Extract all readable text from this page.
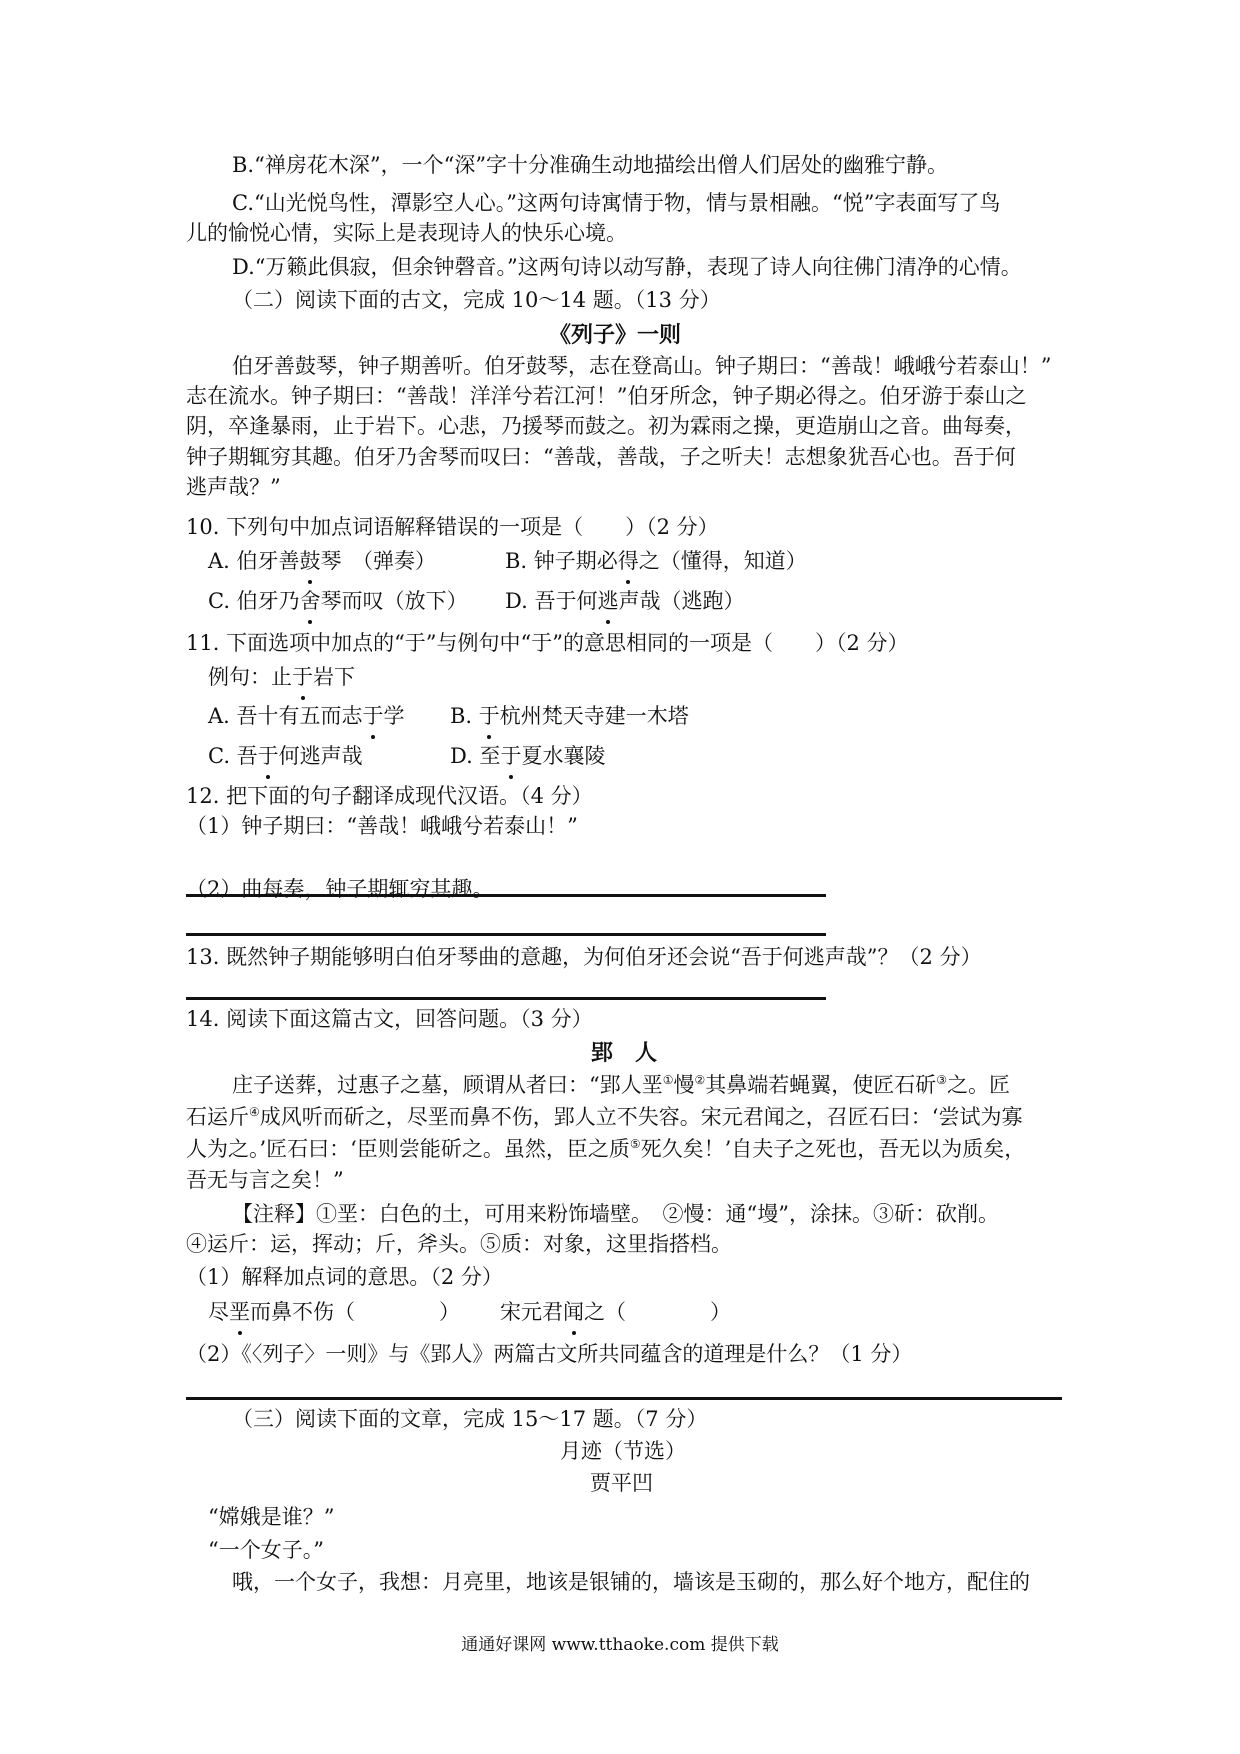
B.“禅房花木深”，一个“深”字十分准确生动地描绘出僧人们居处的幽雅宁静。
C.“山光悦鸟性，潭影空人心。”这两句诗寓情于物，情与景相融。“悦”字表面写了鸟
儿的愉悦心情，实际上是表现诗人的快乐心境。
D.“万籁此俱寂，但余钟磬音。”这两句诗以动写静，表现了诗人向往佛门清净的心情。
（二）阅读下面的古文，完成 10～14 题。（13 分）
《列子》一则
伯牙善鼓琴，钟子期善听。伯牙鼓琴，志在登高山。钟子期曰：“善哉！峨峨兮若泰山！”
志在流水。钟子期曰：“善哉！洋洋兮若江河！”伯牙所念，钟子期必得之。伯牙游于泰山之
阴，卒逢暴雨，止于岩下。心悲，乃援琴而鼓之。初为霖雨之操，更造崩山之音。曲每奏，
钟子期辄穷其趣。伯牙乃舍琴而叹曰：“善哉，善哉，子之听夫！志想象犹吾心也。吾于何
逃声哉？”
10. 下列句中加点词语解释错误的一项是（　　）（2 分）
A. 伯牙善鼓琴　（弹奏）	B. 钟子期必得之（懂得，知道）
C. 伯牙乃舍琴而叹（放下） D. 吾于何逃声哉（逃跑）
11. 下面选项中加点的“于”与例句中“于”的意思相同的一项是（　　）（2 分）
例句：止于岩下
A. 吾十有五而志于学 B. 于杭州梵天寺建一木塔
C. 吾于何逃声哉	D. 至于夏水襄陵
12. 把下面的句子翻译成现代汉语。（4 分）
（1）钟子期曰：“善哉！峨峨兮若泰山！”
（2）曲每奏，钟子期辄穷其趣。
13. 既然钟子期能够明白伯牙琴曲的意趣，为何伯牙还会说“吾于何逃声哉”？（2 分）
14. 阅读下面这篇古文，回答问题。（3 分）
郢　人
庄子送葬，过惠子之墓，顾谓从者曰：“郢人垩①慢②其鼻端若蝇翼，使匠石斫③之。匠
石运斤④成风听而斫之，尽垩而鼻不伤，郢人立不失容。宋元君闻之，召匠石曰：‘尝试为寡
人为之。’匠石曰：‘臣则尝能斫之。虽然，臣之质⑤死久矣！’自夫子之死也，吾无以为质矣，
吾无与言之矣！”
【注释】①垩：白色的土，可用来粉饰墙壁。　②慢：通“墁”，涂抹。③斫：砍削。
④运斤：运，挥动；斤，斧头。⑤质：对象，这里指搭档。
（1）解释加点词的意思。（2 分）
尽垩而鼻不伤（　　　　） 宋元君闻之（　　　　）
（2）《〈列子〉一则》与《郢人》两篇古文所共同蕴含的道理是什么？（1 分）
（三）阅读下面的文章，完成 15～17 题。（7 分）
月迹（节选）
贾平凹
“嫦娥是谁？”
“一个女子。”
哦，一个女子，我想：月亮里，地该是银铺的，墙该是玉砌的，那么好个地方，配住的
通通好课网 www.tthaoke.com 提供下载
